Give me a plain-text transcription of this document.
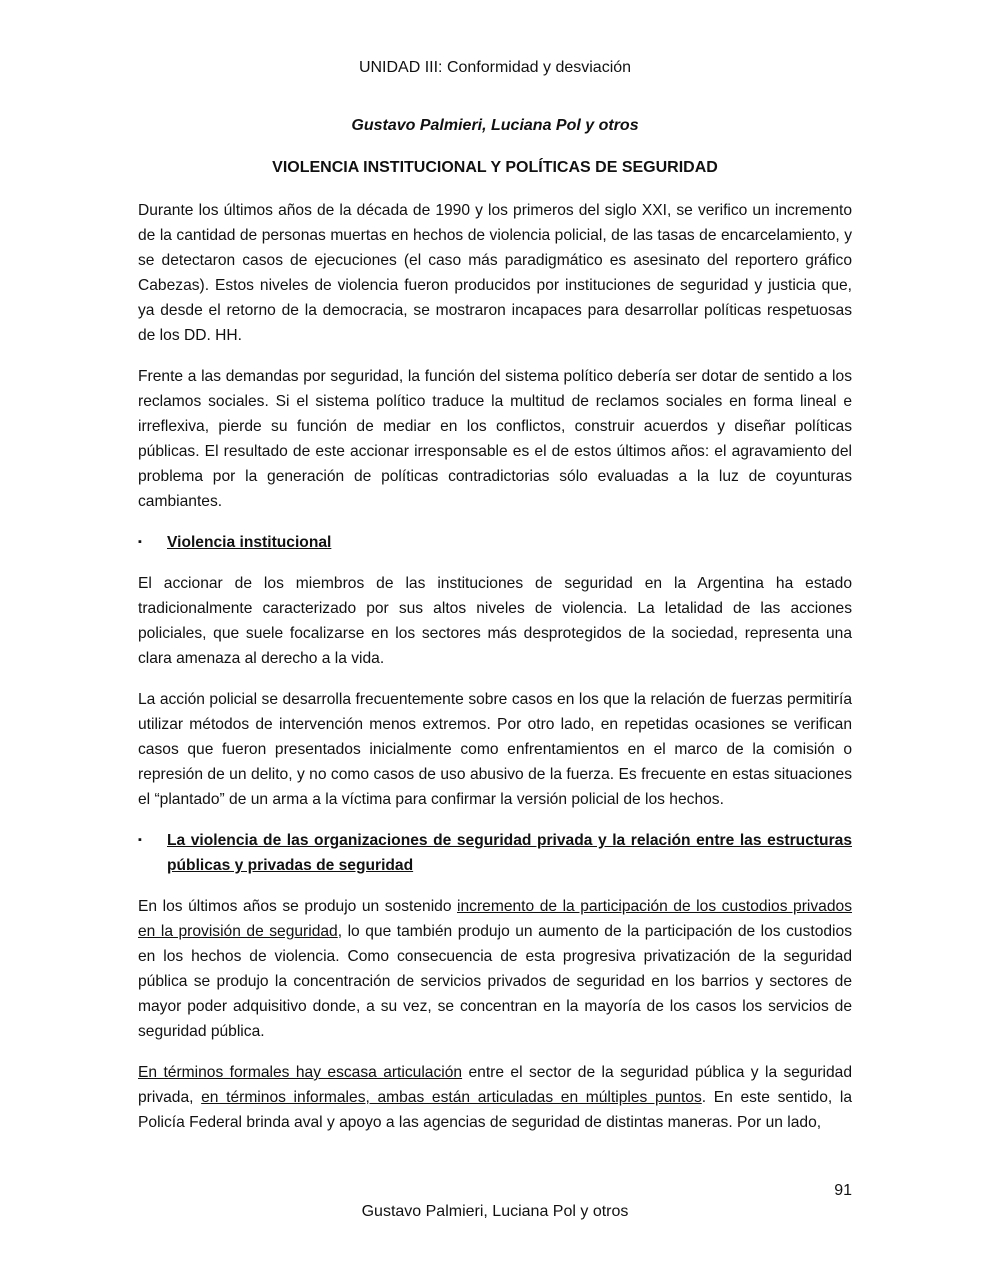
UNIDAD III: Conformidad y desviación
Gustavo Palmieri, Luciana Pol y otros
VIOLENCIA INSTITUCIONAL Y POLÍTICAS DE SEGURIDAD

Durante los últimos años de la década de 1990 y los primeros del siglo XXI, se verifico un incremento de la cantidad de personas muertas en hechos de violencia policial, de las tasas de encarcelamiento, y se detectaron casos de ejecuciones (el caso más paradigmático es asesinato del reportero gráfico Cabezas). Estos niveles de violencia fueron producidos por instituciones de seguridad y justicia que, ya desde el retorno de la democracia, se mostraron incapaces para desarrollar políticas respetuosas de los DD. HH.

Frente a las demandas por seguridad, la función del sistema político debería ser dotar de sentido a los reclamos sociales. Si el sistema político traduce la multitud de reclamos sociales en forma lineal e irreflexiva, pierde su función de mediar en los conflictos, construir acuerdos y diseñar políticas públicas. El resultado de este accionar irresponsable es el de estos últimos años: el agravamiento del problema por la generación de políticas contradictorias sólo evaluadas a la luz de coyunturas cambiantes.

▪ Violencia institucional

El accionar de los miembros de las instituciones de seguridad en la Argentina ha estado tradicionalmente caracterizado por sus altos niveles de violencia. La letalidad de las acciones policiales, que suele focalizarse en los sectores más desprotegidos de la sociedad, representa una clara amenaza al derecho a la vida.

La acción policial se desarrolla frecuentemente sobre casos en los que la relación de fuerzas permitiría utilizar métodos de intervención menos extremos. Por otro lado, en repetidas ocasiones se verifican casos que fueron presentados inicialmente como enfrentamientos en el marco de la comisión o represión de un delito, y no como casos de uso abusivo de la fuerza. Es frecuente en estas situaciones el “plantado” de un arma a la víctima para confirmar la versión policial de los hechos.

▪ La violencia de las organizaciones de seguridad privada y la relación entre las estructuras públicas y privadas de seguridad

En los últimos años se produjo un sostenido incremento de la participación de los custodios privados en la provisión de seguridad, lo que también produjo un aumento de la participación de los custodios en los hechos de violencia. Como consecuencia de esta progresiva privatización de la seguridad pública se produjo la concentración de servicios privados de seguridad en los barrios y sectores de mayor poder adquisitivo donde, a su vez, se concentran en la mayoría de los casos los servicios de seguridad pública.

En términos formales hay escasa articulación entre el sector de la seguridad pública y la seguridad privada, en términos informales, ambas están articuladas en múltiples puntos. En este sentido, la Policía Federal brinda aval y apoyo a las agencias de seguridad de distintas maneras. Por un lado,

91
Gustavo Palmieri, Luciana Pol y otros
